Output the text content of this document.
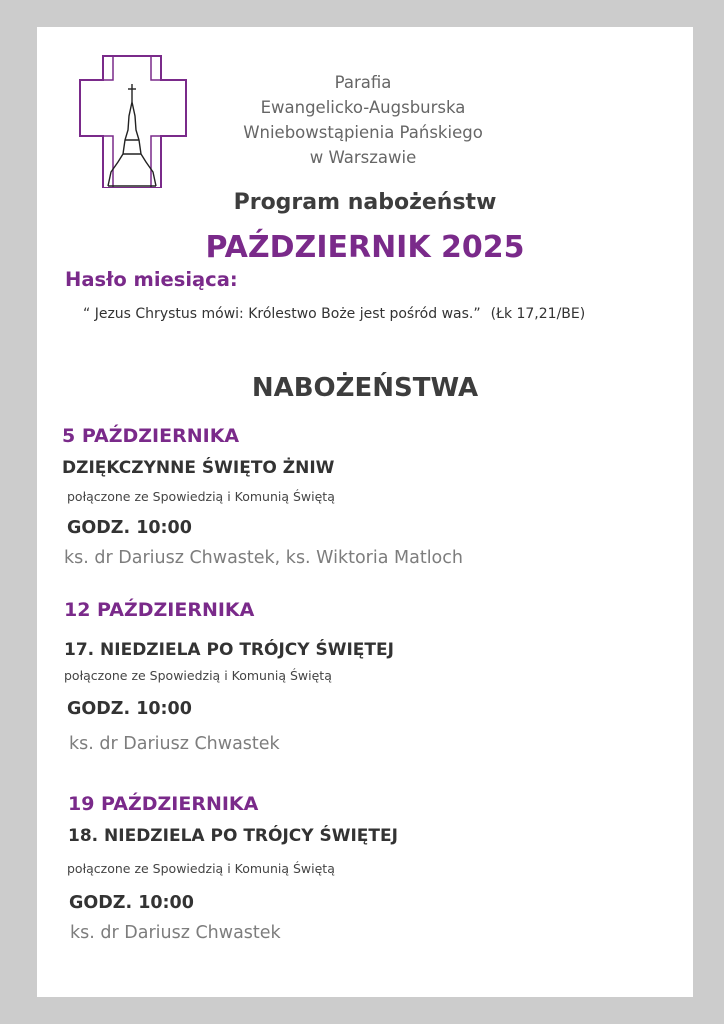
Parafia
Ewangelicko-Augsburska
Wniebowstąpienia Pańskiego
w Warszawie
Program nabożeństw
PAŹDZIERNIK 2025
Hasło miesiąca:
“ Jezus Chrystus mówi: Królestwo Boże jest pośród was.” (Łk 17,21/BE)
NABOŻEŃSTWA
5 PAŹDZIERNIKA
DZIĘKCZYNNE ŚWIĘTO ŻNIW
połączone ze Spowiedzią i Komunią Świętą
GODZ. 10:00
ks. dr Dariusz Chwastek, ks. Wiktoria Matloch
12 PAŹDZIERNIKA
17. NIEDZIELA PO TRÓJCY ŚWIĘTEJ
połączone ze Spowiedzią i Komunią Świętą
GODZ. 10:00
ks. dr Dariusz Chwastek
19 PAŹDZIERNIKA
18. NIEDZIELA PO TRÓJCY ŚWIĘTEJ
połączone ze Spowiedzią i Komunią Świętą
GODZ. 10:00
ks. dr Dariusz Chwastek
